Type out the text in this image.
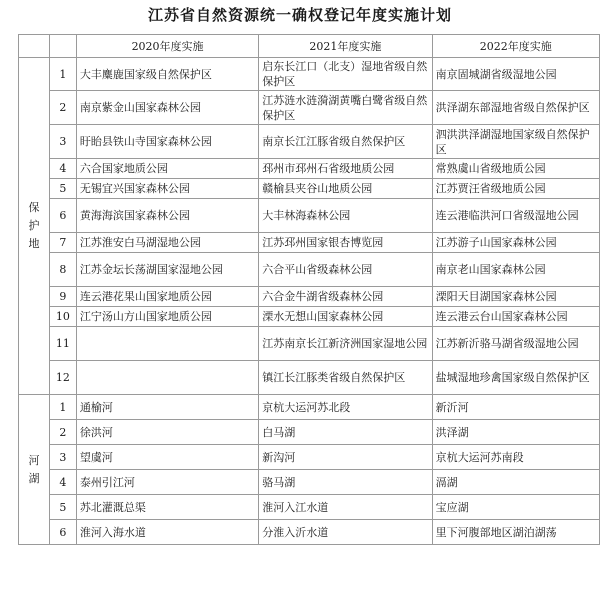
江苏省自然资源统一确权登记年度实施计划
		2020年度实施	2021年度实施	2022年度实施

保
护
地	1	大丰麋鹿国家级自然保护区	启东长江口（北支）湿地省级自然保护区	南京固城湖省级湿地公园
	2	南京紫金山国家森林公园	江苏涟水涟漪湖黄嘴白鹭省级自然保护区	洪泽湖东部湿地省级自然保护区
	3	盱眙县铁山寺国家森林公园	南京长江江豚省级自然保护区	泗洪洪泽湖湿地国家级自然保护区
	4	六合国家地质公园	邳州市邳州石省级地质公园	常熟虞山省级地质公园
	5	无锡宜兴国家森林公园	赣榆县夹谷山地质公园	江苏贾汪省级地质公园
	6	黄海海滨国家森林公园	大丰林海森林公园	连云港临洪河口省级湿地公园
	7	江苏淮安白马湖湿地公园	江苏邳州国家银杏博览园	江苏游子山国家森林公园
	8	江苏金坛长荡湖国家湿地公园	六合平山省级森林公园	南京老山国家森林公园
	9	连云港花果山国家地质公园	六合金牛湖省级森林公园	溧阳天目湖国家森林公园
	10	江宁汤山方山国家地质公园	溧水无想山国家森林公园	连云港云台山国家森林公园
	11		江苏南京长江新济洲国家湿地公园	江苏新沂骆马湖省级湿地公园
	12		镇江长江豚类省级自然保护区	盐城湿地珍禽国家级自然保护区

河
湖	1	通榆河	京杭大运河苏北段	新沂河
	2	徐洪河	白马湖	洪泽湖
	3	望虞河	新沟河	京杭大运河苏南段
	4	泰州引江河	骆马湖	滆湖
	5	苏北灌溉总渠	淮河入江水道	宝应湖
	6	淮河入海水道	分淮入沂水道	里下河腹部地区湖泊湖荡
